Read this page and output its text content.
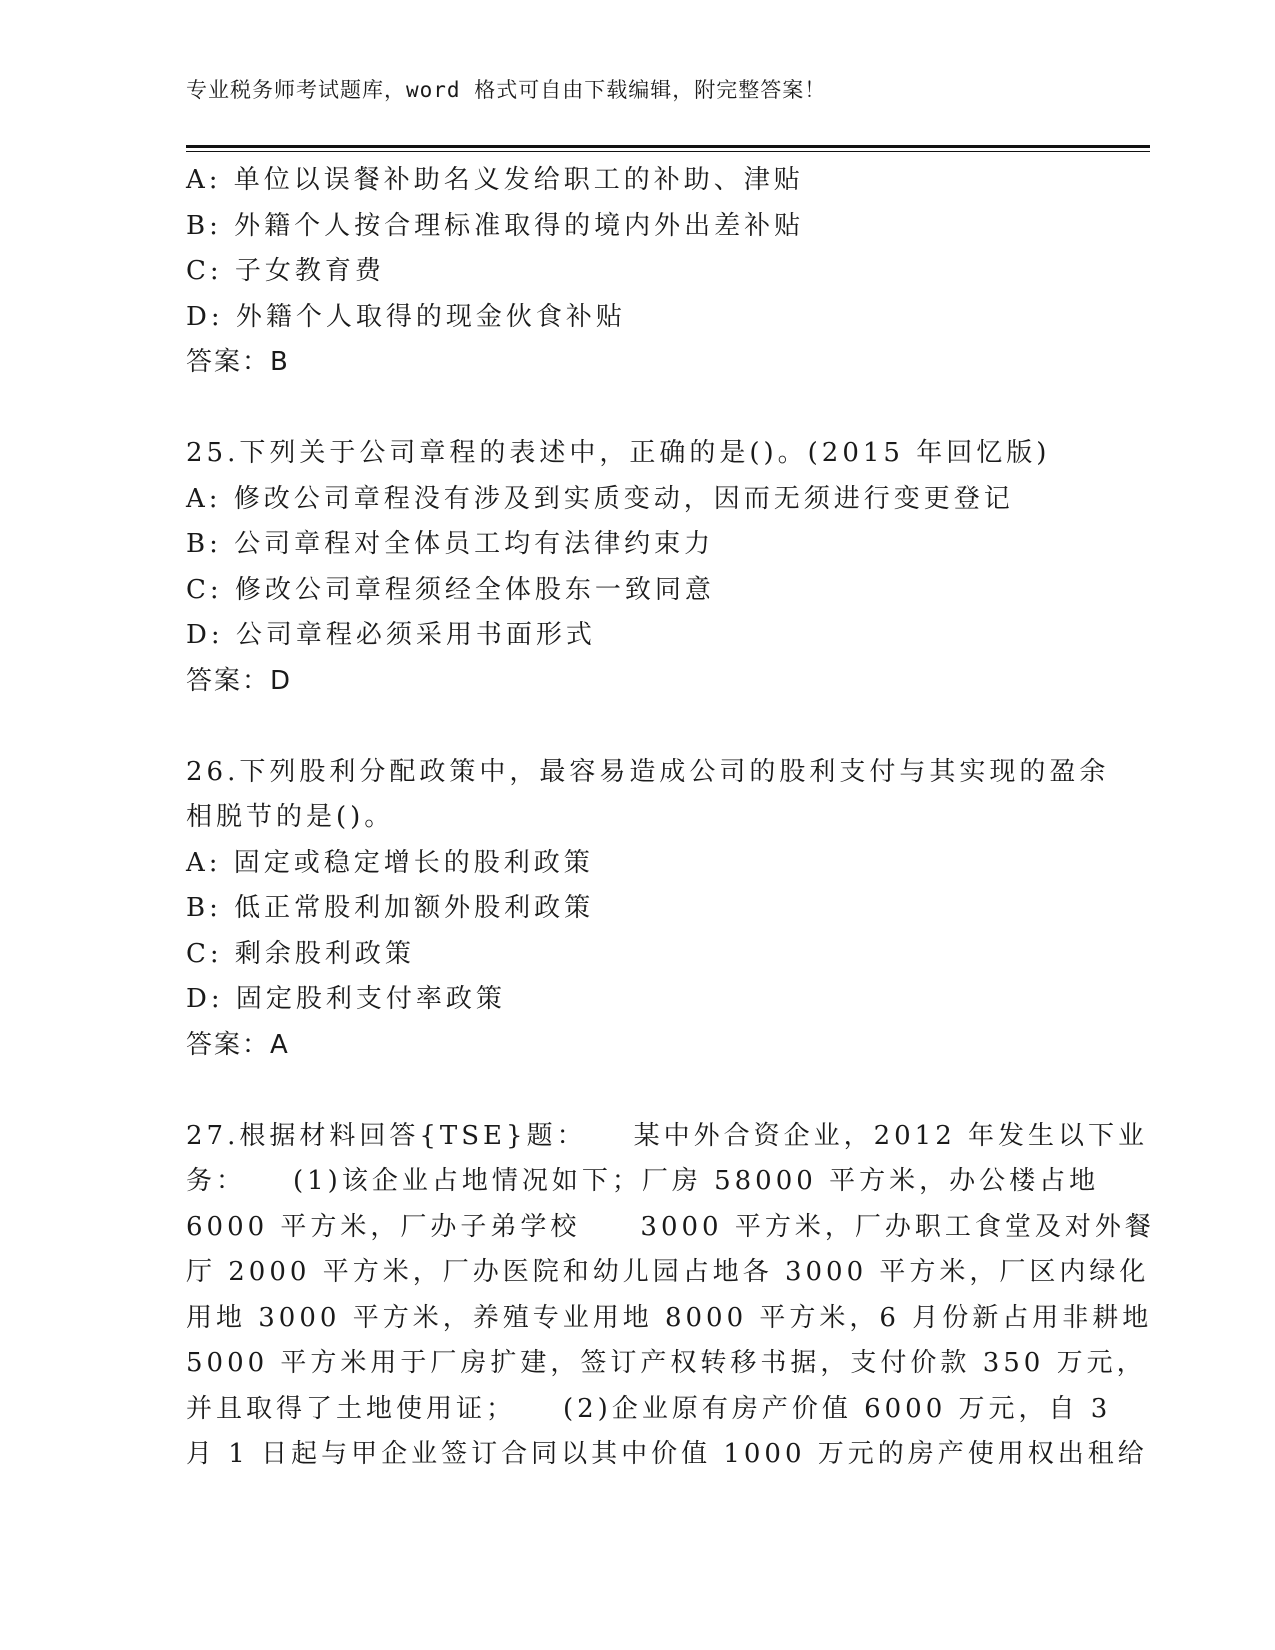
专业税务师考试题库，word 格式可自由下载编辑，附完整答案！
A: 单位以误餐补助名义发给职工的补助、津贴
B: 外籍个人按合理标准取得的境内外出差补贴
C: 子女教育费
D: 外籍个人取得的现金伙食补贴
答案：B
25.下列关于公司章程的表述中，正确的是()。(2015 年回忆版)
A: 修改公司章程没有涉及到实质变动，因而无须进行变更登记
B: 公司章程对全体员工均有法律约束力
C: 修改公司章程须经全体股东一致同意
D: 公司章程必须采用书面形式
答案：D
26.下列股利分配政策中，最容易造成公司的股利支付与其实现的盈余
相脱节的是()。
A: 固定或稳定增长的股利政策
B: 低正常股利加额外股利政策
C: 剩余股利政策
D: 固定股利支付率政策
答案：A
27.根据材料回答{TSE}题：　　某中外合资企业，2012 年发生以下业
务：　　(1)该企业占地情况如下；厂房 58000 平方米，办公楼占地
6000 平方米，厂办子弟学校　　3000 平方米，厂办职工食堂及对外餐
厅 2000 平方米，厂办医院和幼儿园占地各 3000 平方米，厂区内绿化
用地 3000 平方米，养殖专业用地 8000 平方米，6 月份新占用非耕地
5000 平方米用于厂房扩建，签订产权转移书据，支付价款 350 万元，
并且取得了土地使用证；　　(2)企业原有房产价值 6000 万元，自 3
月 1 日起与甲企业签订合同以其中价值 1000 万元的房产使用权出租给
